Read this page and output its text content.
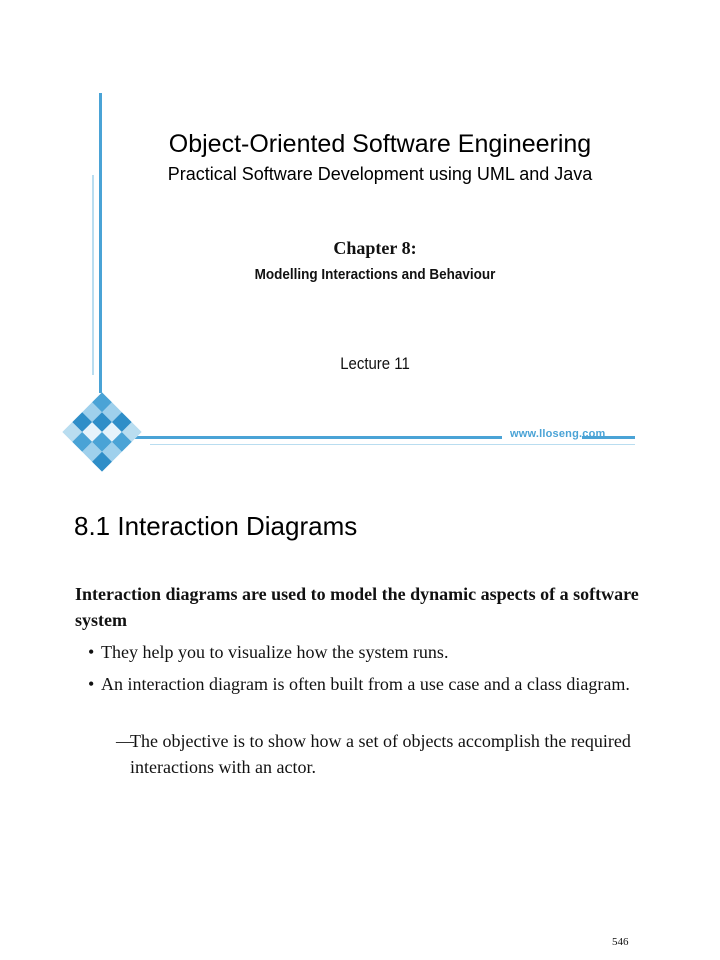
www.lloseng.com
Object-Oriented Software Engineering
Practical Software Development using UML and Java
Chapter 8:
Modelling Interactions and Behaviour
Lecture 11
8.1 Interaction Diagrams
Interaction diagrams are used to model the dynamic aspects of a software system
• They help you to visualize how the system runs.
• An interaction diagram is often built from a use case and a class diagram.
—
The objective is to show how a set of objects accomplish the required interactions with an actor.
546
